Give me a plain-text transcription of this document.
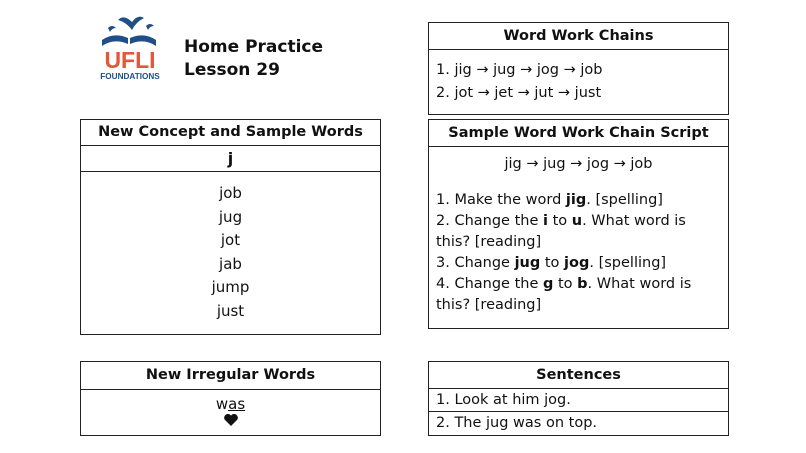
UFLI
FOUNDATIONS
Home Practice
Lesson 29
New Concept and Sample Words
j
job
jug
jot
jab
jump
just
New Irregular Words
was
Word Work Chains
1. jig → jug → jog → job
2. jot → jet → jut → just
Sample Word Work Chain Script
jig → jug → jog → job
1. Make the word jig. [spelling]
2. Change the i to u. What word is
this? [reading]
3. Change jug to jog. [spelling]
4. Change the g to b. What word is
this? [reading]
Sentences
1. Look at him jog.
2. The jug was on top.
